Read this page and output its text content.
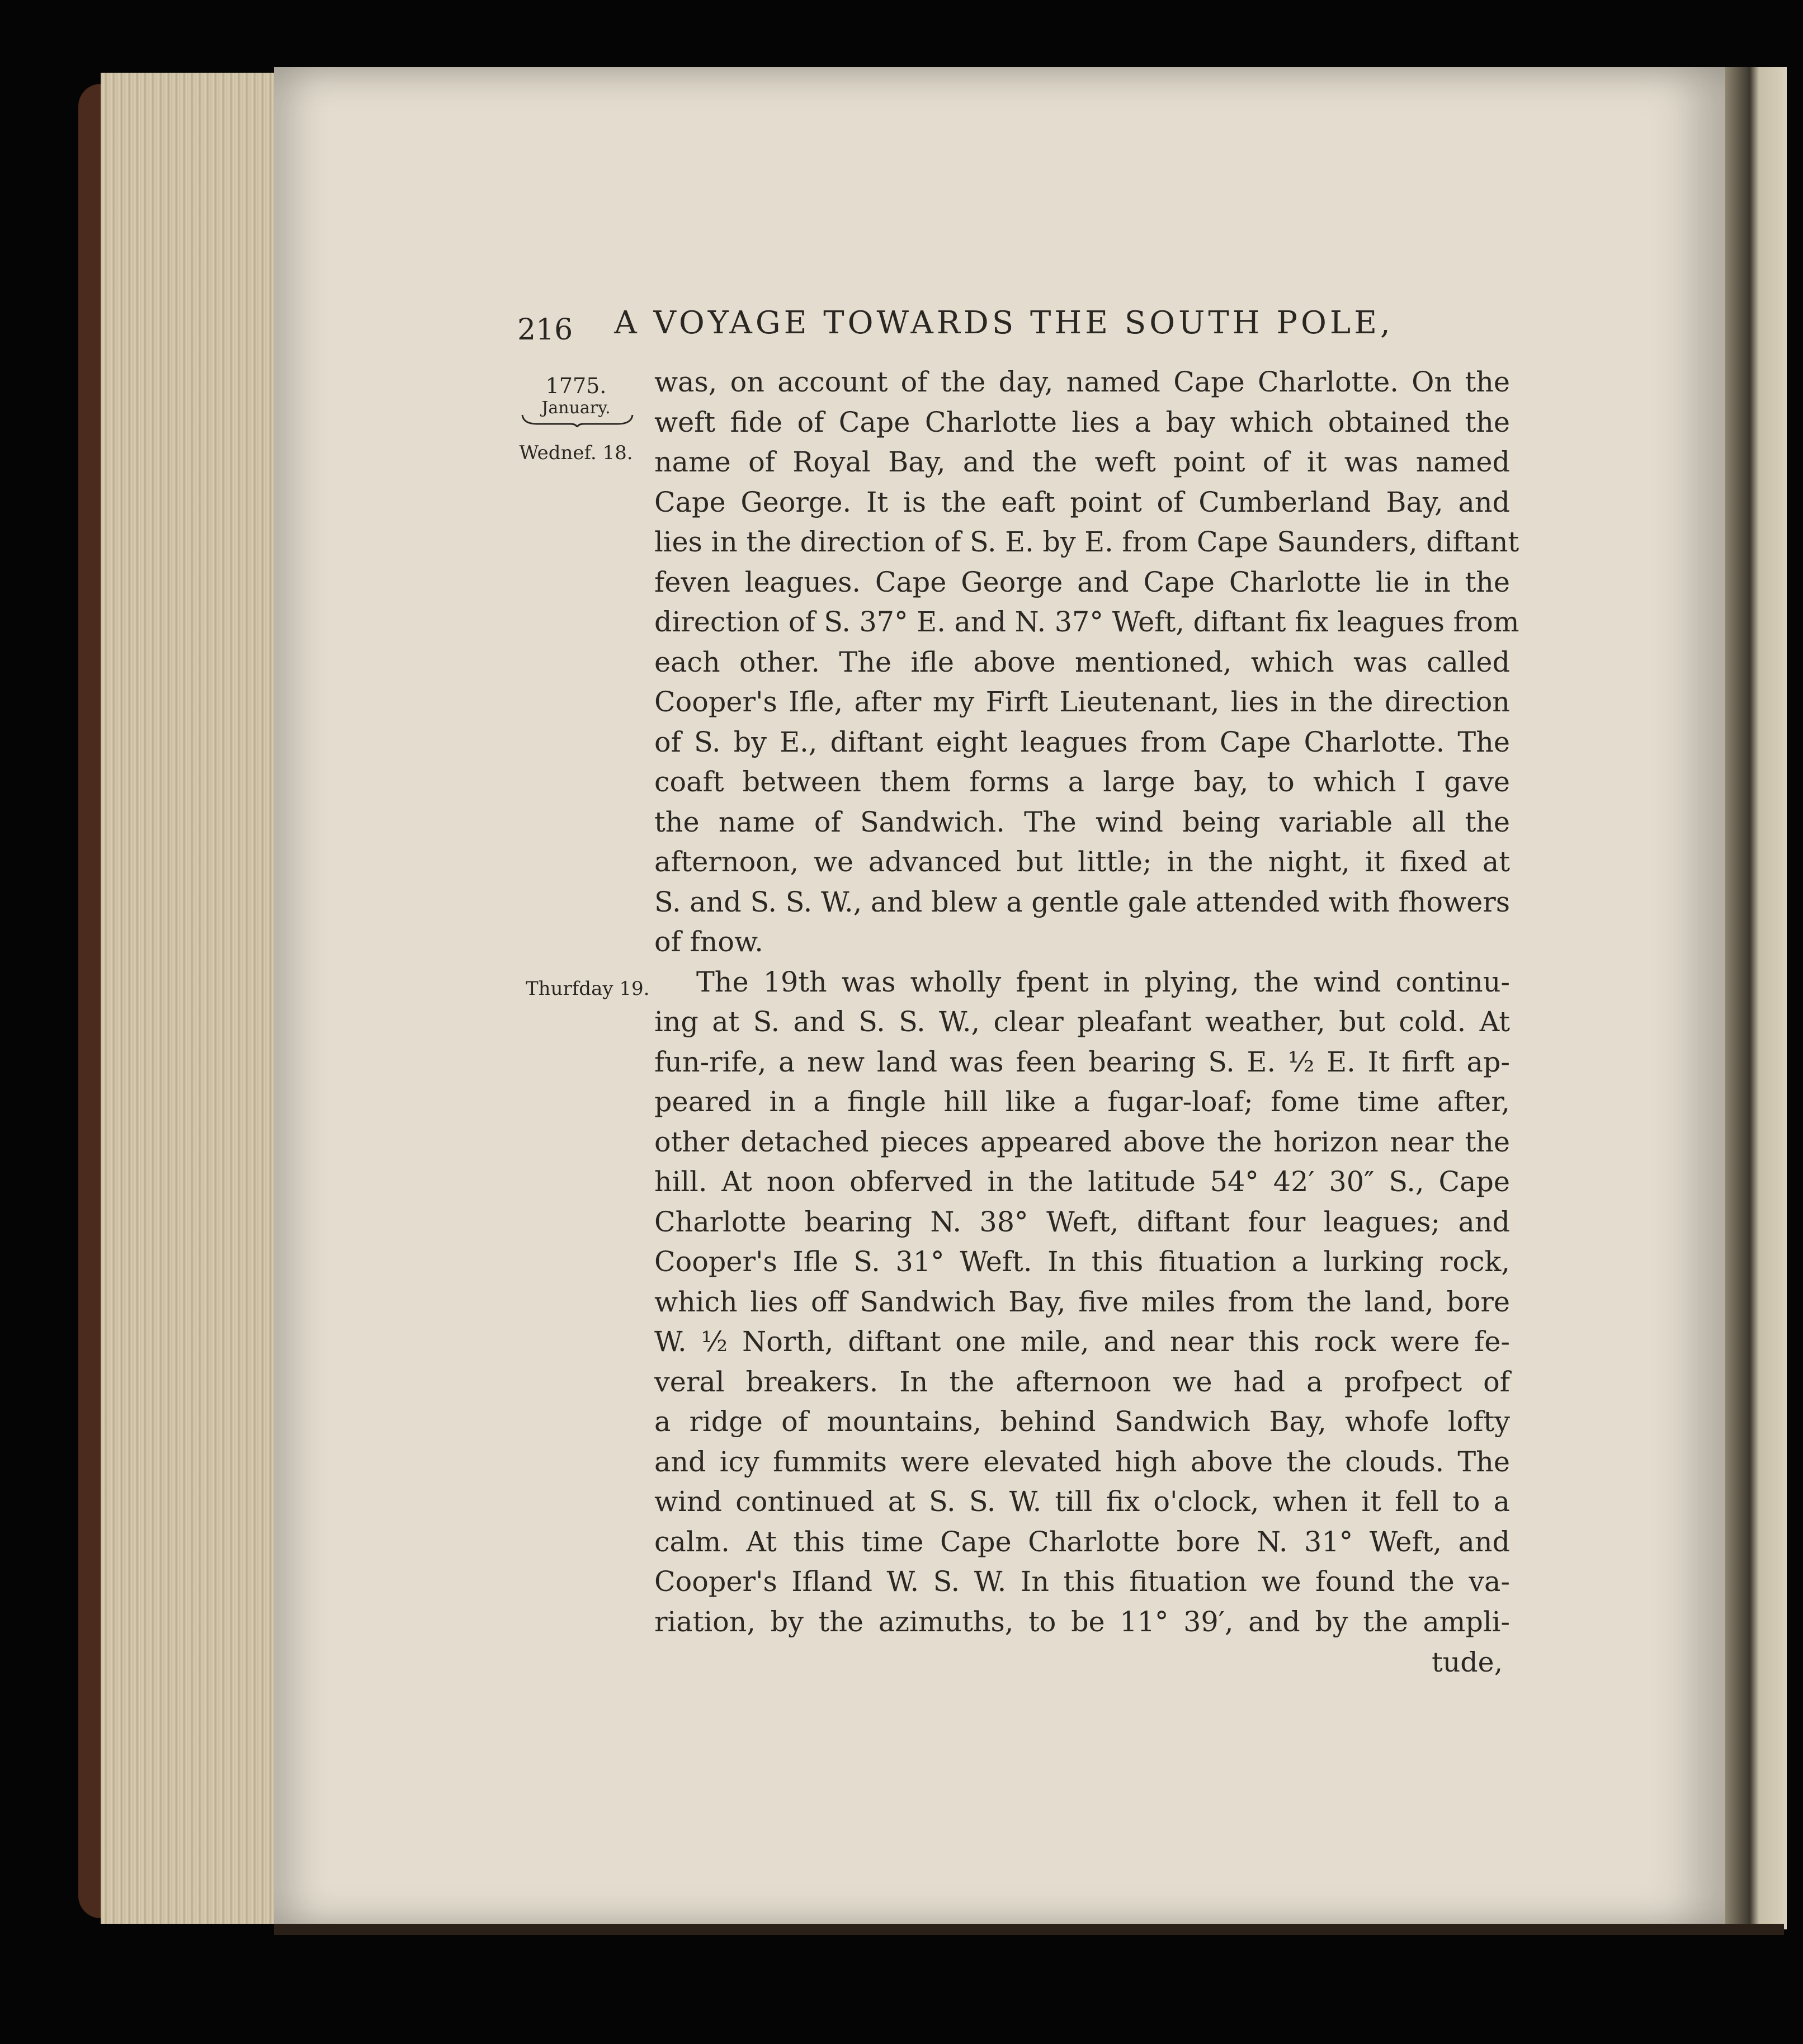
216	A VOYAGE TOWARDS THE SOUTH POLE,
1775.
January.
Wednef. 18.
Thurfday 19.
was, on account of the day, named Cape Charlotte. On the
weft fide of Cape Charlotte lies a bay which obtained the
name of Royal Bay, and the weft point of it was named
Cape George. It is the eaft point of Cumberland Bay, and
lies in the direction of S. E. by E. from Cape Saunders, diftant
feven leagues. Cape George and Cape Charlotte lie in the
direction of S. 37° E. and N. 37° Weft, diftant fix leagues from
each other. The ifle above mentioned, which was called
Cooper's Ifle, after my Firft Lieutenant, lies in the direction
of S. by E., diftant eight leagues from Cape Charlotte. The
coaft between them forms a large bay, to which I gave
the name of Sandwich. The wind being variable all the
afternoon, we advanced but little; in the night, it fixed at
S. and S. S. W., and blew a gentle gale attended with fhowers
of fnow.
The 19th was wholly fpent in plying, the wind continu-
ing at S. and S. S. W., clear pleafant weather, but cold. At
fun-rife, a new land was feen bearing S. E. ½ E. It firft ap-
peared in a fingle hill like a fugar-loaf; fome time after,
other detached pieces appeared above the horizon near the
hill. At noon obferved in the latitude 54° 42′ 30″ S., Cape
Charlotte bearing N. 38° Weft, diftant four leagues; and
Cooper's Ifle S. 31° Weft. In this fituation a lurking rock,
which lies off Sandwich Bay, five miles from the land, bore
W. ½ North, diftant one mile, and near this rock were fe-
veral breakers. In the afternoon we had a profpect of
a ridge of mountains, behind Sandwich Bay, whofe lofty
and icy fummits were elevated high above the clouds. The
wind continued at S. S. W. till fix o'clock, when it fell to a
calm. At this time Cape Charlotte bore N. 31° Weft, and
Cooper's Ifland W. S. W. In this fituation we found the va-
riation, by the azimuths, to be 11° 39′, and by the ampli-
tude,
